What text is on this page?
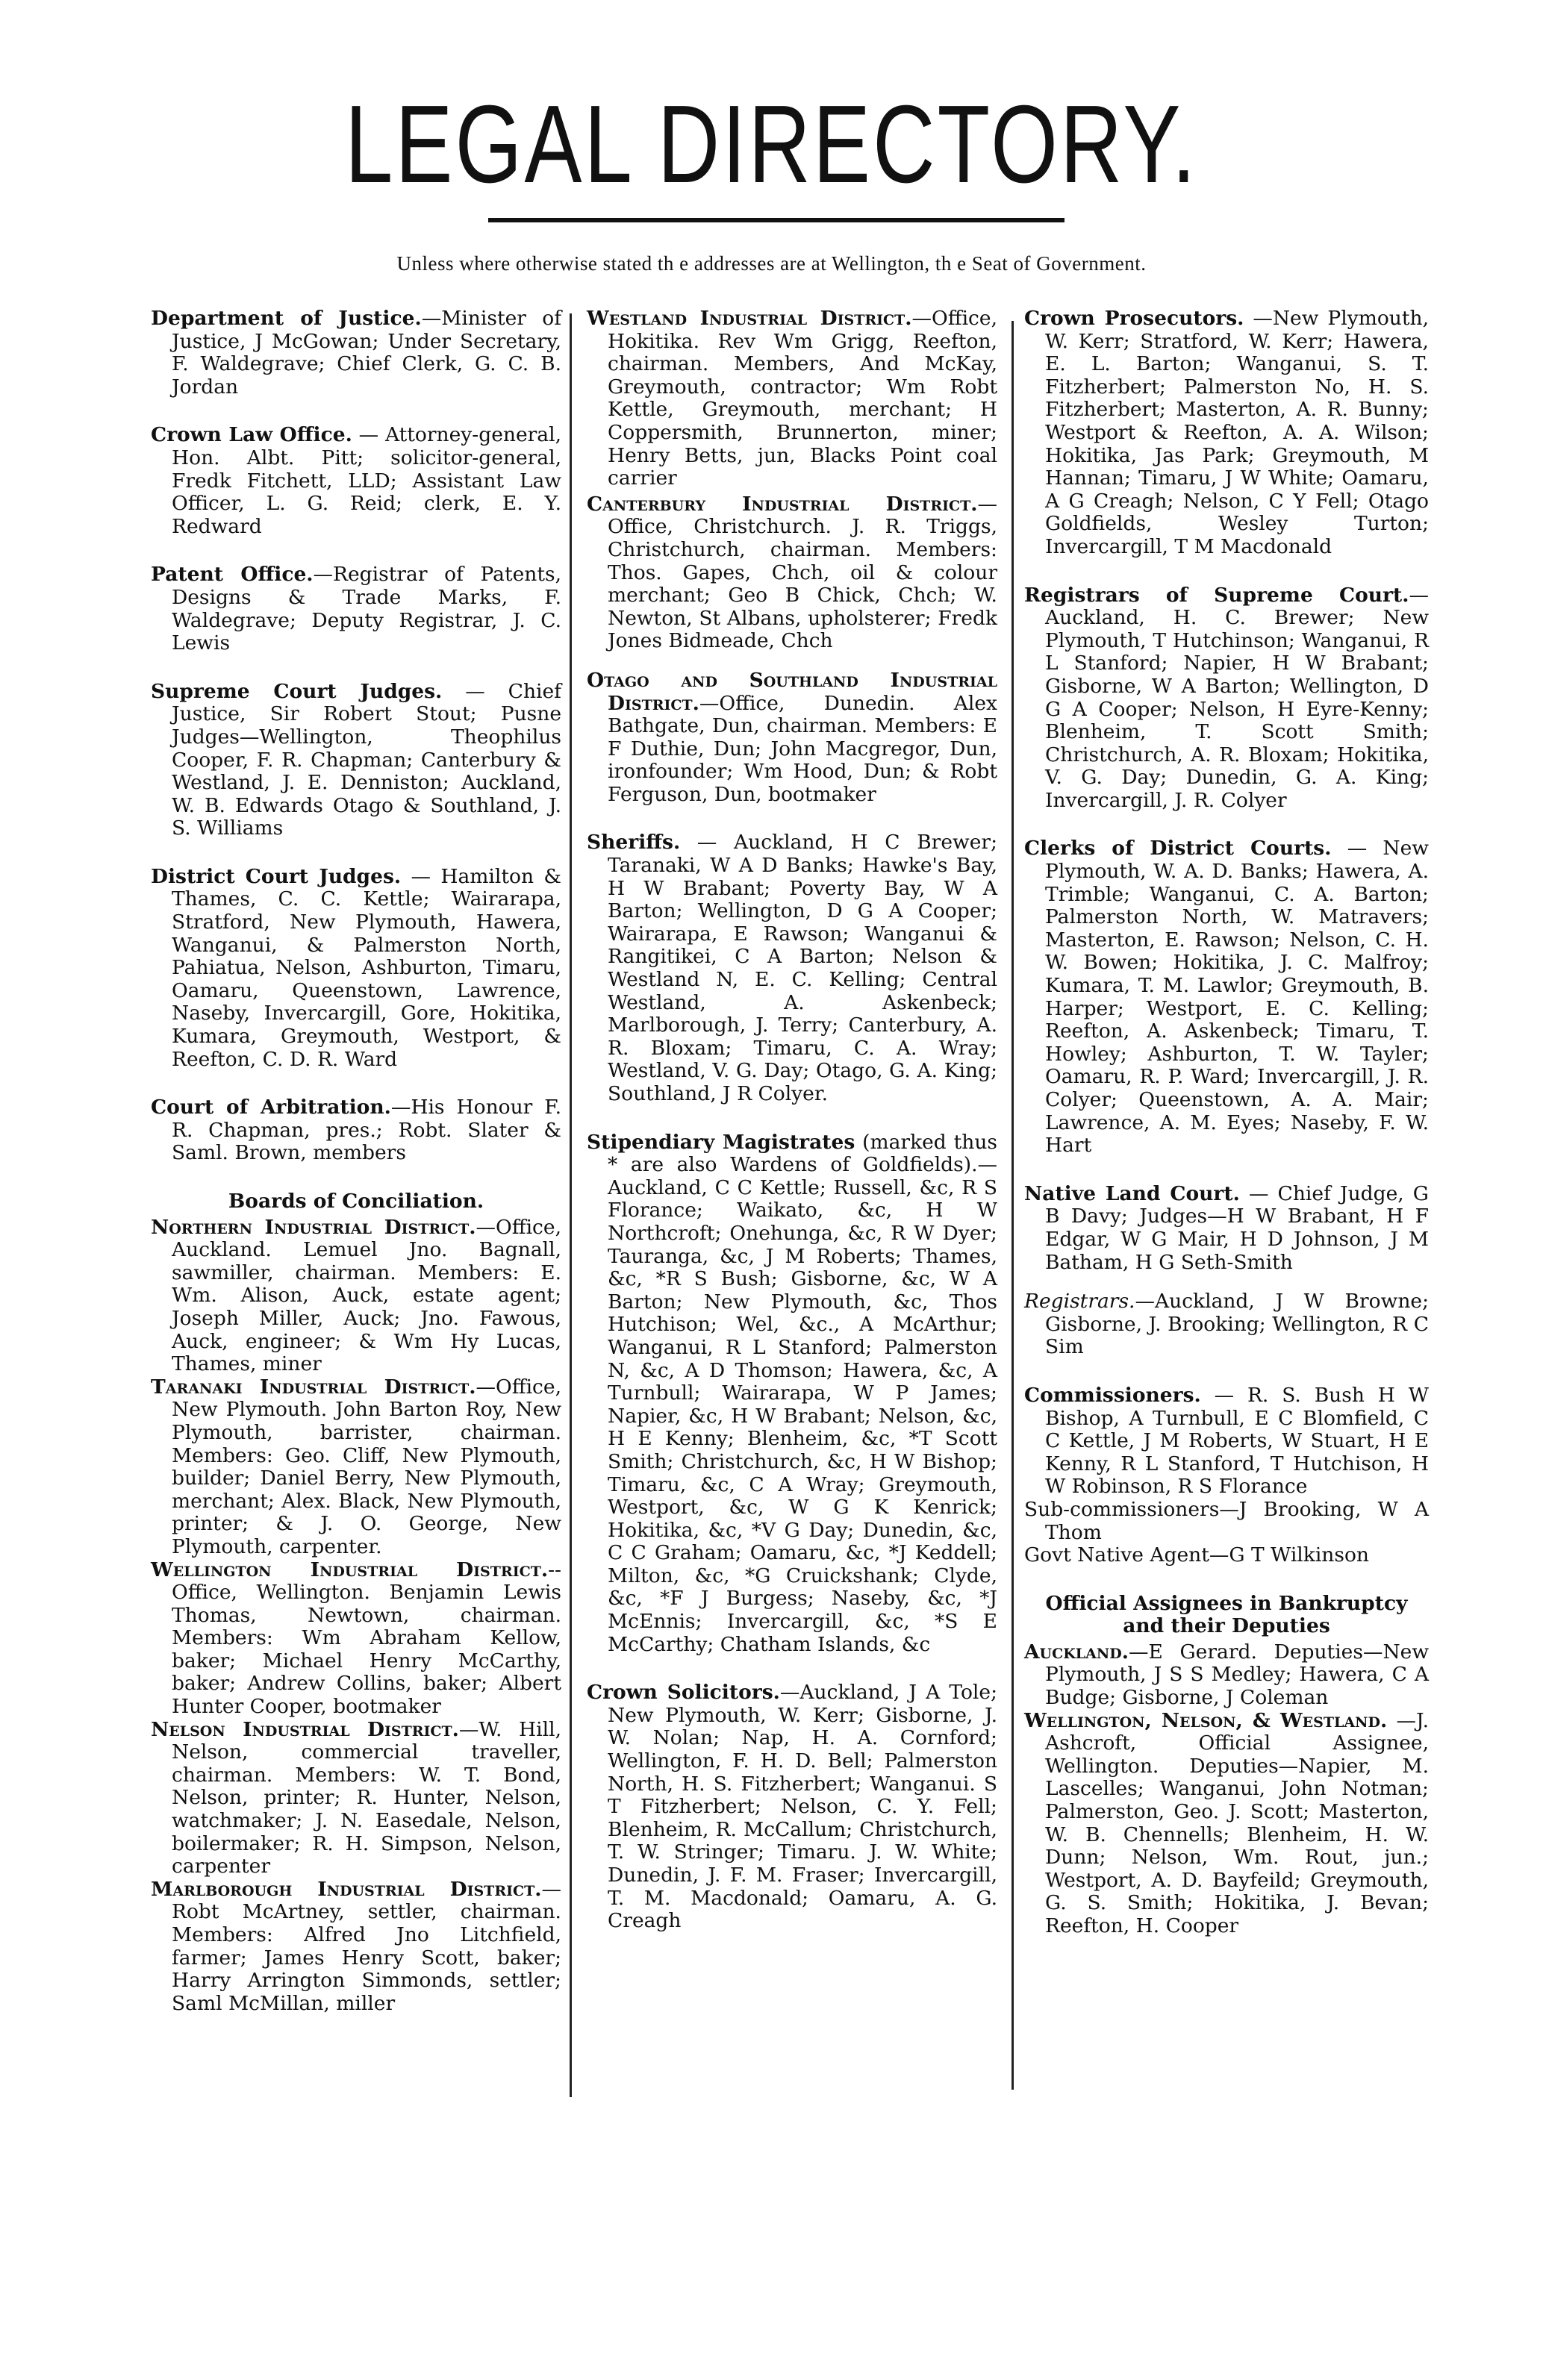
LEGAL DIRECTORY.
Unless where otherwise stated th e addresses are at Wellington, th e Seat of Government.

Department of Justice.—Minister of Justice, J McGowan; Under Secretary, F. Waldegrave; Chief Clerk, G. C. B. Jordan

Crown Law Office. — Attorney-general, Hon. Albt. Pitt; solicitor-general, Fredk Fitchett, LLD; Assistant Law Officer, L. G. Reid; clerk, E. Y. Redward

Patent Office.—Registrar of Patents, Designs & Trade Marks, F. Waldegrave; Deputy Registrar, J. C. Lewis

Supreme Court Judges. — Chief Justice, Sir Robert Stout; Pusne Judges—Wellington, Theophilus Cooper, F. R. Chapman; Canterbury & Westland, J. E. Denniston; Auckland, W. B. Edwards Otago & Southland, J. S. Williams

District Court Judges. — Hamilton & Thames, C. C. Kettle; Wairarapa, Stratford, New Plymouth, Hawera, Wanganui, & Palmerston North, Pahiatua, Nelson, Ashburton, Timaru, Oamaru, Queenstown, Lawrence, Naseby, Invercargill, Gore, Hokitika, Kumara, Greymouth, Westport, & Reefton, C. D. R. Ward

Court of Arbitration.—His Honour F. R. Chapman, pres.; Robt. Slater & Saml. Brown, members

Boards of Conciliation.

Northern Industrial District.—Office, Auckland. Lemuel Jno. Bagnall, sawmiller, chairman. Members: E. Wm. Alison, Auck, estate agent; Joseph Miller, Auck; Jno. Fawous, Auck, engineer; & Wm Hy Lucas, Thames, miner

Taranaki Industrial District.—Office, New Plymouth. John Barton Roy, New Plymouth, barrister, chairman. Members: Geo. Cliff, New Plymouth, builder; Daniel Berry, New Plymouth, merchant; Alex. Black, New Plymouth, printer; & J. O. George, New Plymouth, carpenter.

Wellington Industrial District.--Office, Wellington. Benjamin Lewis Thomas, Newtown, chairman. Members: Wm Abraham Kellow, baker; Michael Henry McCarthy, baker; Andrew Collins, baker; Albert Hunter Cooper, bootmaker

Nelson Industrial District.—W. Hill, Nelson, commercial traveller, chairman. Members: W. T. Bond, Nelson, printer; R. Hunter, Nelson, watchmaker; J. N. Easedale, Nelson, boilermaker; R. H. Simpson, Nelson, carpenter

Marlborough Industrial District.—Robt McArtney, settler, chairman. Members: Alfred Jno Litchfield, farmer; James Henry Scott, baker; Harry Arrington Simmonds, settler; Saml McMillan, miller

Westland Industrial District.—Office, Hokitika. Rev Wm Grigg, Reefton, chairman. Members, And McKay, Greymouth, contractor; Wm Robt Kettle, Greymouth, merchant; H Coppersmith, Brunnerton, miner; Henry Betts, jun, Blacks Point coal carrier

Canterbury Industrial District.—Office, Christchurch. J. R. Triggs, Christchurch, chairman. Members: Thos. Gapes, Chch, oil & colour merchant; Geo B Chick, Chch; W. Newton, St Albans, upholsterer; Fredk Jones Bidmeade, Chch

Otago and Southland Industrial District.—Office, Dunedin. Alex Bathgate, Dun, chairman. Members: E F Duthie, Dun; John Macgregor, Dun, ironfounder; Wm Hood, Dun; & Robt Ferguson, Dun, bootmaker

Sheriffs. — Auckland, H C Brewer; Taranaki, W A D Banks; Hawke's Bay, H W Brabant; Poverty Bay, W A Barton; Wellington, D G A Cooper; Wairarapa, E Rawson; Wanganui & Rangitikei, C A Barton; Nelson & Westland N, E. C. Kelling; Central Westland, A. Askenbeck; Marlborough, J. Terry; Canterbury, A. R. Bloxam; Timaru, C. A. Wray; Westland, V. G. Day; Otago, G. A. King; Southland, J R Colyer.

Stipendiary Magistrates (marked thus * are also Wardens of Goldfields).—Auckland, C C Kettle; Russell, &c, R S Florance; Waikato, &c, H W Northcroft; Onehunga, &c, R W Dyer; Tauranga, &c, J M Roberts; Thames, &c, *R S Bush; Gisborne, &c, W A Barton; New Plymouth, &c, Thos Hutchison; Wel, &c., A McArthur; Wanganui, R L Stanford; Palmerston N, &c, A D Thomson; Hawera, &c, A Turnbull; Wairarapa, W P James; Napier, &c, H W Brabant; Nelson, &c, H E Kenny; Blenheim, &c, *T Scott Smith; Christchurch, &c, H W Bishop; Timaru, &c, C A Wray; Greymouth, Westport, &c, W G K Kenrick; Hokitika, &c, *V G Day; Dunedin, &c, C C Graham; Oamaru, &c, *J Keddell; Milton, &c, *G Cruickshank; Clyde, &c, *F J Burgess; Naseby, &c, *J McEnnis; Invercargill, &c, *S E McCarthy; Chatham Islands, &c

Crown Solicitors.—Auckland, J A Tole; New Plymouth, W. Kerr; Gisborne, J. W. Nolan; Nap, H. A. Cornford; Wellington, F. H. D. Bell; Palmerston North, H. S. Fitzherbert; Wanganui. S T Fitzherbert; Nelson, C. Y. Fell; Blenheim, R. McCallum; Christchurch, T. W. Stringer; Timaru. J. W. White; Dunedin, J. F. M. Fraser; Invercargill, T. M. Macdonald; Oamaru, A. G. Creagh

Crown Prosecutors. —New Plymouth, W. Kerr; Stratford, W. Kerr; Hawera, E. L. Barton; Wanganui, S. T. Fitzherbert; Palmerston No, H. S. Fitzherbert; Masterton, A. R. Bunny; Westport & Reefton, A. A. Wilson; Hokitika, Jas Park; Greymouth, M Hannan; Timaru, J W White; Oamaru, A G Creagh; Nelson, C Y Fell; Otago Goldfields, Wesley Turton; Invercargill, T M Macdonald

Registrars of Supreme Court.—Auckland, H. C. Brewer; New Plymouth, T Hutchinson; Wanganui, R L Stanford; Napier, H W Brabant; Gisborne, W A Barton; Wellington, D G A Cooper; Nelson, H Eyre-Kenny; Blenheim, T. Scott Smith; Christchurch, A. R. Bloxam; Hokitika, V. G. Day; Dunedin, G. A. King; Invercargill, J. R. Colyer

Clerks of District Courts. — New Plymouth, W. A. D. Banks; Hawera, A. Trimble; Wanganui, C. A. Barton; Palmerston North, W. Matravers; Masterton, E. Rawson; Nelson, C. H. W. Bowen; Hokitika, J. C. Malfroy; Kumara, T. M. Lawlor; Greymouth, B. Harper; Westport, E. C. Kelling; Reefton, A. Askenbeck; Timaru, T. Howley; Ashburton, T. W. Tayler; Oamaru, R. P. Ward; Invercargill, J. R. Colyer; Queenstown, A. A. Mair; Lawrence, A. M. Eyes; Naseby, F. W. Hart

Native Land Court. — Chief Judge, G B Davy; Judges—H W Brabant, H F Edgar, W G Mair, H D Johnson, J M Batham, H G Seth-Smith

Registrars.—Auckland, J W Browne; Gisborne, J. Brooking; Wellington, R C Sim

Commissioners. — R. S. Bush H W Bishop, A Turnbull, E C Blomfield, C C Kettle, J M Roberts, W Stuart, H E Kenny, R L Stanford, T Hutchison, H W Robinson, R S Florance

Sub-commissioners—J Brooking, W A Thom

Govt Native Agent—G T Wilkinson

Official Assignees in Bankruptcy and their Deputies

Auckland.—E Gerard. Deputies—New Plymouth, J S S Medley; Hawera, C A Budge; Gisborne, J Coleman

Wellington, Nelson, & Westland. —J. Ashcroft, Official Assignee, Wellington. Deputies—Napier, M. Lascelles; Wanganui, John Notman; Palmerston, Geo. J. Scott; Masterton, W. B. Chennells; Blenheim, H. W. Dunn; Nelson, Wm. Rout, jun.; Westport, A. D. Bayfeild; Greymouth, G. S. Smith; Hokitika, J. Bevan; Reefton, H. Cooper
